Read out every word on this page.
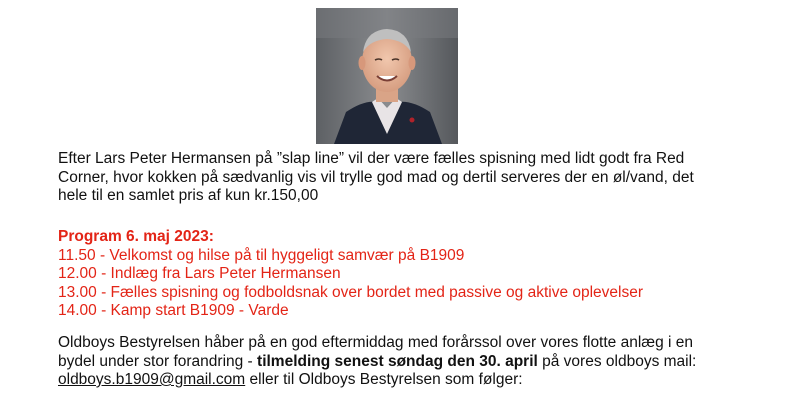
Efter Lars Peter Hermansen på ”slap line” vil der være fælles spisning med lidt godt fra Red
Corner, hvor kokken på sædvanlig vis vil trylle god mad og dertil serveres der en øl/vand, det
hele til en samlet pris af kun kr.150,00
Program 6. maj 2023:
11.50 - Velkomst og hilse på til hyggeligt samvær på B1909
12.00 - Indlæg fra Lars Peter Hermansen
13.00 - Fælles spisning og fodboldsnak over bordet med passive og aktive oplevelser
14.00 - Kamp start B1909 - Varde
Oldboys Bestyrelsen håber på en god eftermiddag med forårssol over vores flotte anlæg i en
bydel under stor forandring - tilmelding senest søndag den 30. april på vores oldboys mail:
oldboys.b1909@gmail.com eller til Oldboys Bestyrelsen som følger:
